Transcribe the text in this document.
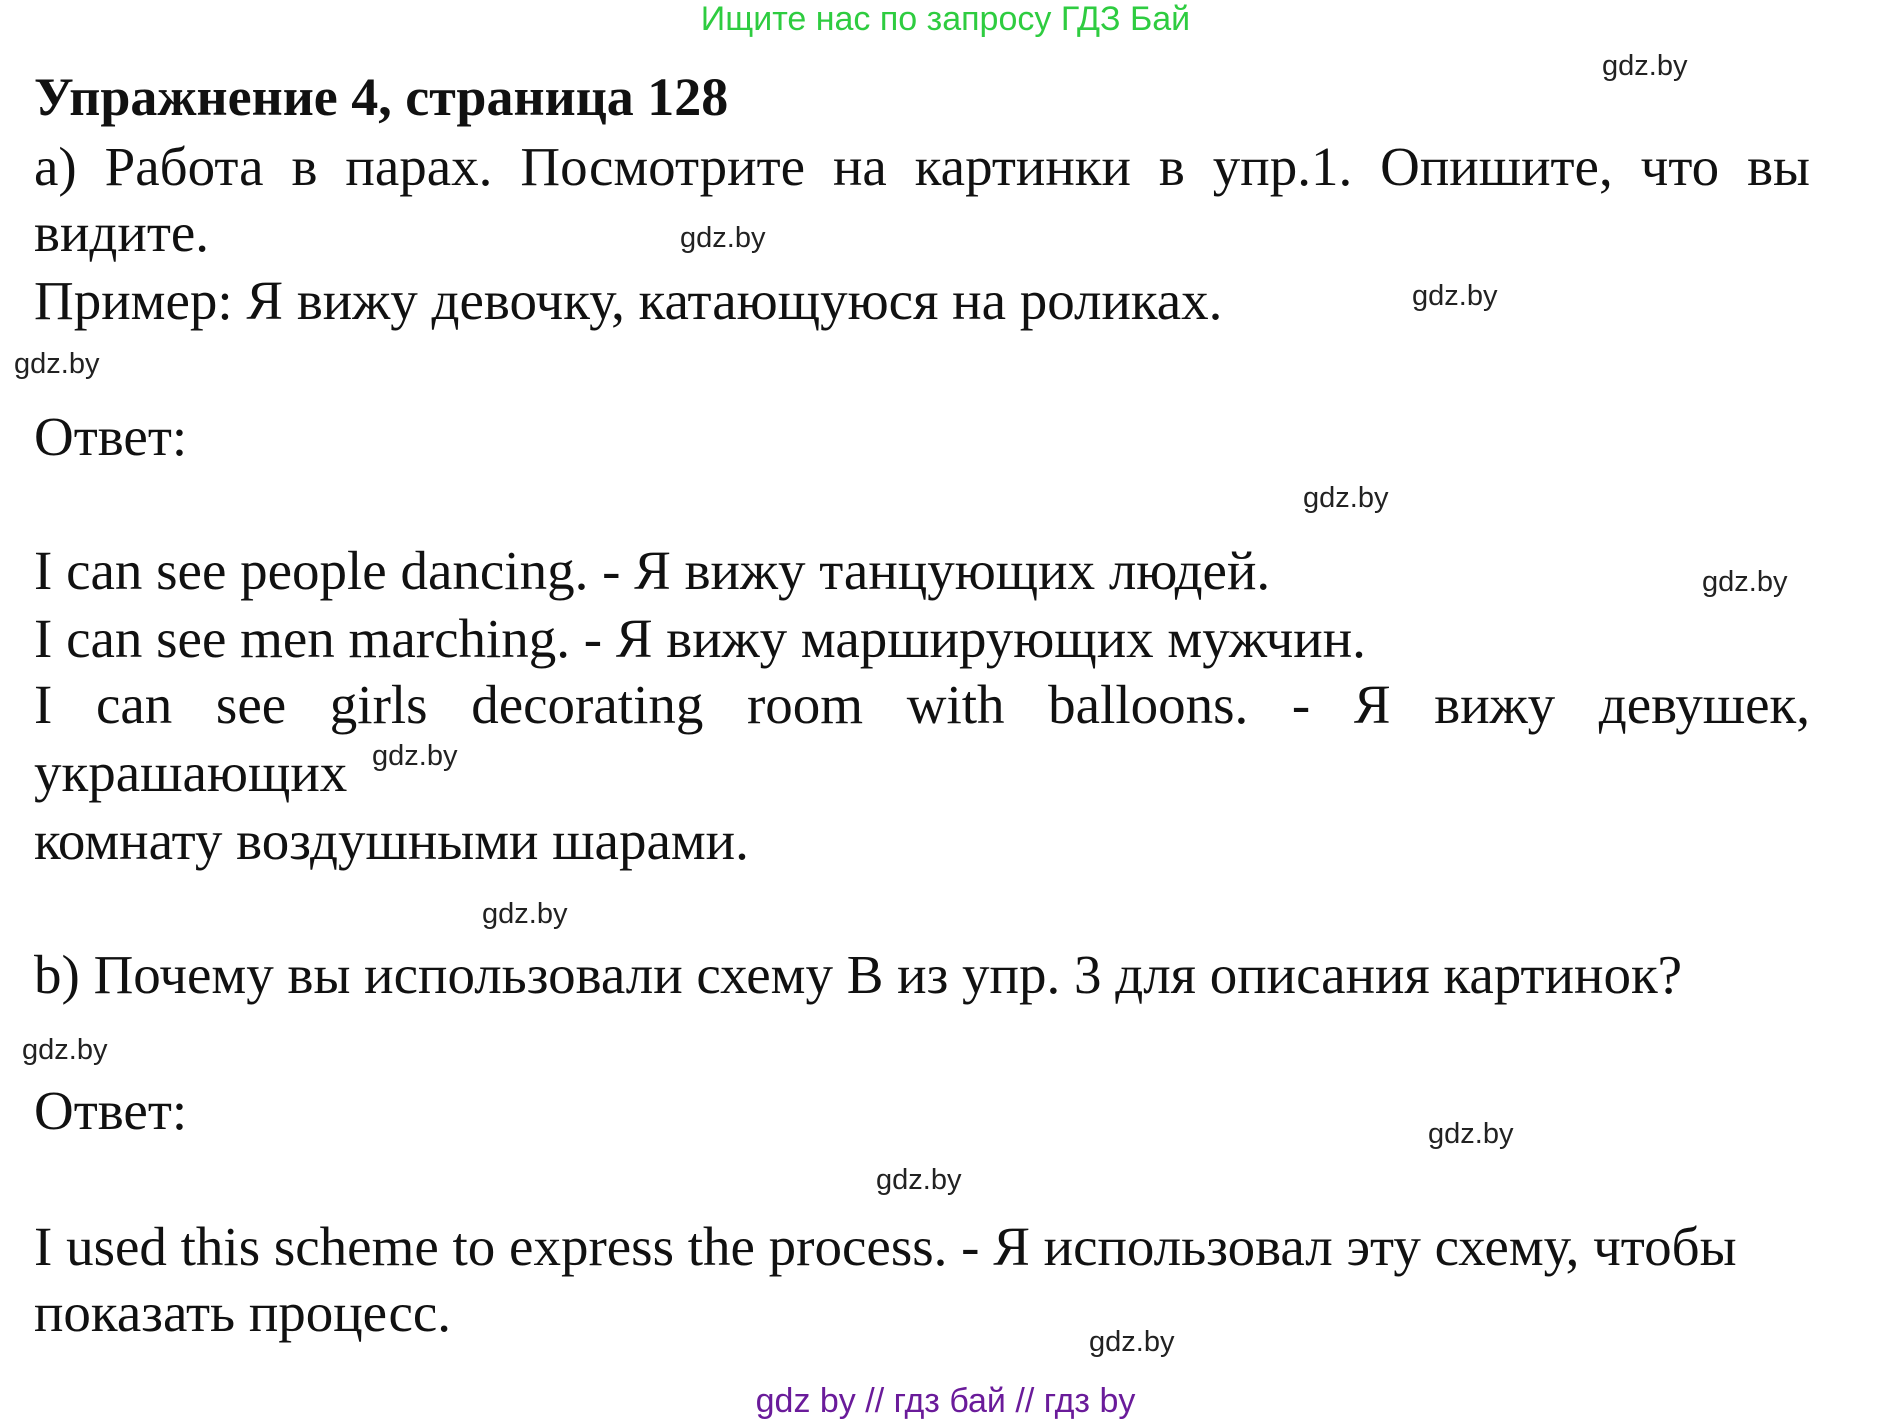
Ищите нас по запросу ГДЗ Бай
gdz.by
gdz.by
gdz.by
gdz.by
gdz.by
gdz.by
gdz.by
gdz.by
gdz.by
gdz.by
gdz.by
gdz.by
Упражнение 4, страница 128
a) Работа в парах. Посмотрите на картинки в упр.1. Опишите, что вы
видите.
Пример: Я вижу девочку, катающуюся на роликах.
Ответ:
I can see people dancing. - Я вижу танцующих людей.
I can see men marching. - Я вижу марширующих мужчин.
I can see girls decorating room with balloons. - Я вижу девушек,
украшающих
комнату воздушными шарами.
b) Почему вы использовали схему В из упр. 3 для описания картинок?
Ответ:
I used this scheme to express the process. - Я использовал эту схему, чтобы
показать процесс.
gdz by // гдз бай // гдз by
